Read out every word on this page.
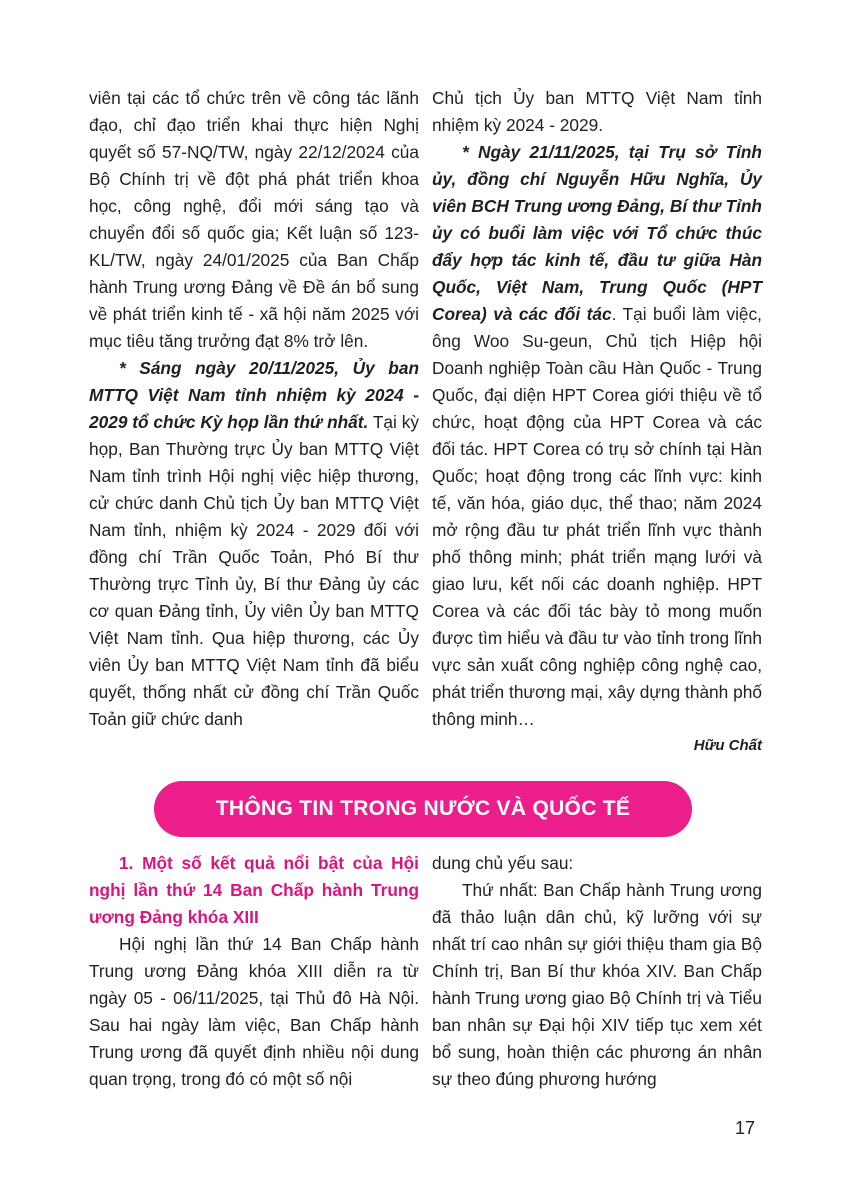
viên tại các tổ chức trên về công tác lãnh đạo, chỉ đạo triển khai thực hiện Nghị quyết số 57-NQ/TW, ngày 22/12/2024 của Bộ Chính trị về đột phá phát triển khoa học, công nghệ, đổi mới sáng tạo và chuyển đổi số quốc gia; Kết luận số 123-KL/TW, ngày 24/01/2025 của Ban Chấp hành Trung ương Đảng về Đề án bổ sung về phát triển kinh tế - xã hội năm 2025 với mục tiêu tăng trưởng đạt 8% trở lên.

* Sáng ngày 20/11/2025, Ủy ban MTTQ Việt Nam tỉnh nhiệm kỳ 2024 - 2029 tổ chức Kỳ họp lần thứ nhất. Tại kỳ họp, Ban Thường trực Ủy ban MTTQ Việt Nam tỉnh trình Hội nghị việc hiệp thương, cử chức danh Chủ tịch Ủy ban MTTQ Việt Nam tỉnh, nhiệm kỳ 2024 - 2029 đối với đồng chí Trần Quốc Toản, Phó Bí thư Thường trực Tỉnh ủy, Bí thư Đảng ủy các cơ quan Đảng tỉnh, Ủy viên Ủy ban MTTQ Việt Nam tỉnh. Qua hiệp thương, các Ủy viên Ủy ban MTTQ Việt Nam tỉnh đã biểu quyết, thống nhất cử đồng chí Trần Quốc Toản giữ chức danh

Chủ tịch Ủy ban MTTQ Việt Nam tỉnh nhiệm kỳ 2024 - 2029.

* Ngày 21/11/2025, tại Trụ sở Tỉnh ủy, đồng chí Nguyễn Hữu Nghĩa, Ủy viên BCH Trung ương Đảng, Bí thư Tỉnh ủy có buổi làm việc với Tổ chức thúc đẩy hợp tác kinh tế, đầu tư giữa Hàn Quốc, Việt Nam, Trung Quốc (HPT Corea) và các đối tác. Tại buổi làm việc, ông Woo Su-geun, Chủ tịch Hiệp hội Doanh nghiệp Toàn cầu Hàn Quốc - Trung Quốc, đại diện HPT Corea giới thiệu về tổ chức, hoạt động của HPT Corea và các đối tác. HPT Corea có trụ sở chính tại Hàn Quốc; hoạt động trong các lĩnh vực: kinh tế, văn hóa, giáo dục, thể thao; năm 2024 mở rộng đầu tư phát triển lĩnh vực thành phố thông minh; phát triển mạng lưới và giao lưu, kết nối các doanh nghiệp. HPT Corea và các đối tác bày tỏ mong muốn được tìm hiểu và đầu tư vào tỉnh trong lĩnh vực sản xuất công nghiệp công nghệ cao, phát triển thương mại, xây dựng thành phố thông minh…

Hữu Chất

THÔNG TIN TRONG NƯỚC VÀ QUỐC TẾ

1. Một số kết quả nổi bật của Hội nghị lần thứ 14 Ban Chấp hành Trung ương Đảng khóa XIII

Hội nghị lần thứ 14 Ban Chấp hành Trung ương Đảng khóa XIII diễn ra từ ngày 05 - 06/11/2025, tại Thủ đô Hà Nội. Sau hai ngày làm việc, Ban Chấp hành Trung ương đã quyết định nhiều nội dung quan trọng, trong đó có một số nội

dung chủ yếu sau:

Thứ nhất: Ban Chấp hành Trung ương đã thảo luận dân chủ, kỹ lưỡng với sự nhất trí cao nhân sự giới thiệu tham gia Bộ Chính trị, Ban Bí thư khóa XIV. Ban Chấp hành Trung ương giao Bộ Chính trị và Tiểu ban nhân sự Đại hội XIV tiếp tục xem xét bổ sung, hoàn thiện các phương án nhân sự theo đúng phương hướng

17
